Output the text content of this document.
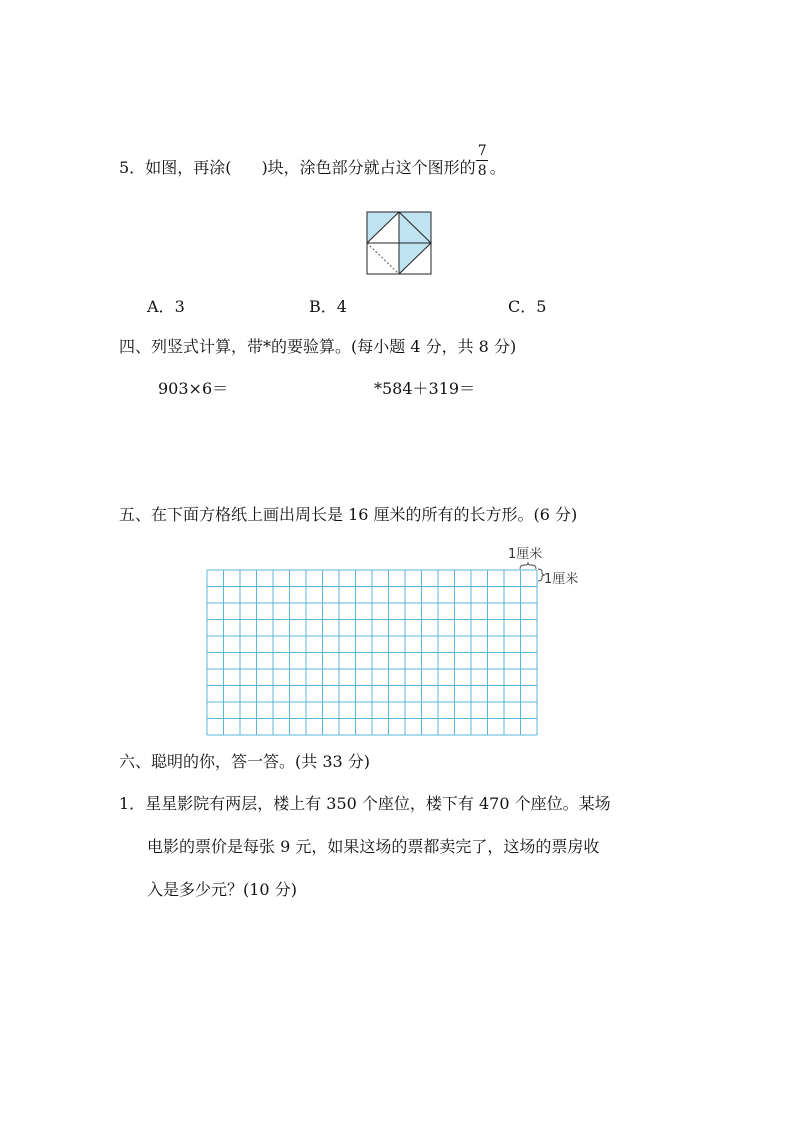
5．如图，再涂( )块，涂色部分就占这个图形的 $\frac{7}{8}$ 。
A．3	B．4	C．5
四、列竖式计算，带*的要验算。(每小题 4 分，共 8 分)
903×6＝	*584＋319＝
五、在下面方格纸上画出周长是 16 厘米的所有的长方形。(6 分)
1厘米
1厘米
六、聪明的你，答一答。(共 33 分)
1．星星影院有两层，楼上有 350 个座位，楼下有 470 个座位。某场
电影的票价是每张 9 元，如果这场的票都卖完了，这场的票房收
入是多少元？(10 分)
